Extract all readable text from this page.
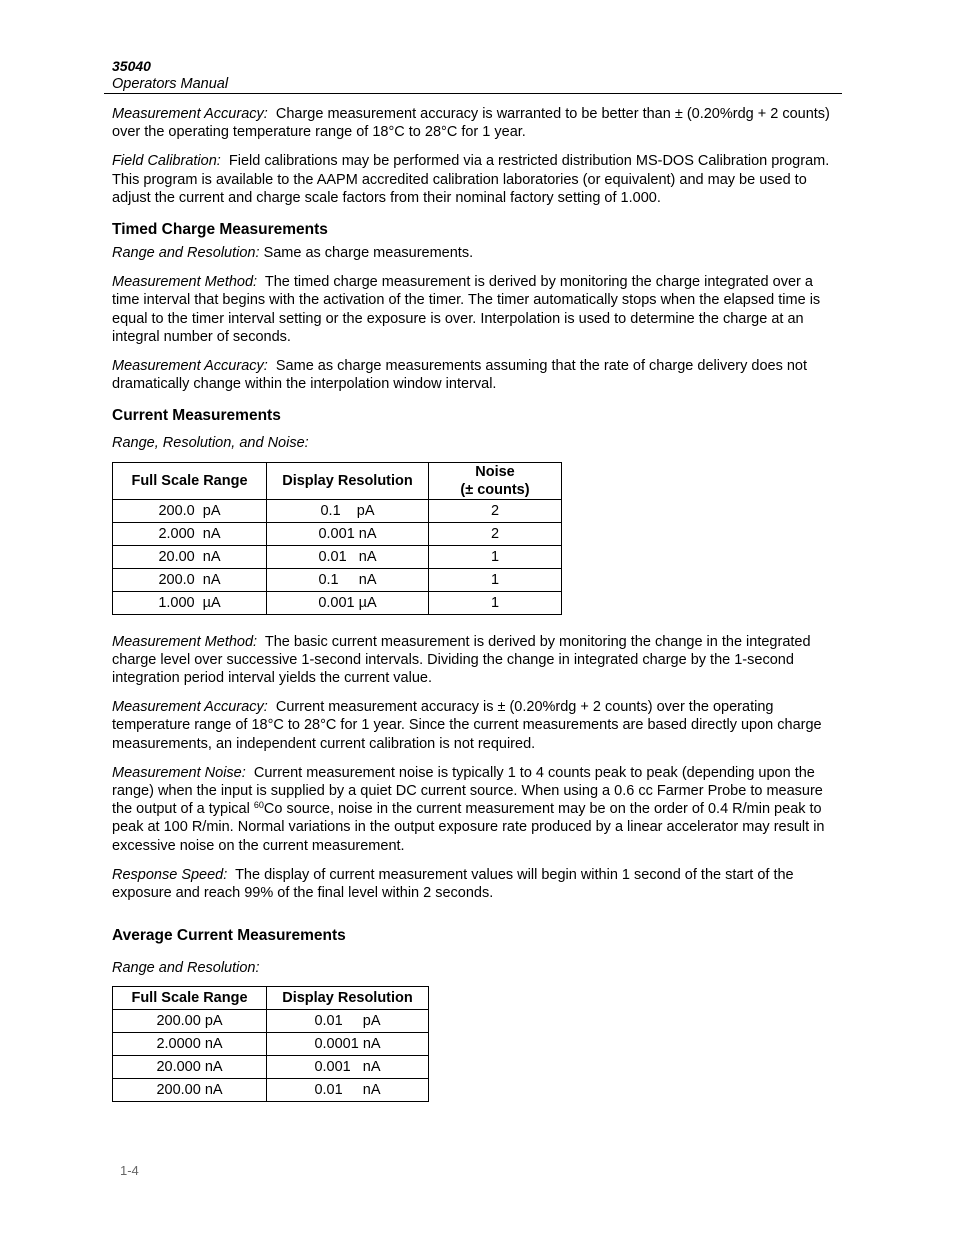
35040
Operators Manual

Measurement Accuracy: Charge measurement accuracy is warranted to be better than ± (0.20%rdg + 2 counts) over the operating temperature range of 18°C to 28°C for 1 year.

Field Calibration: Field calibrations may be performed via a restricted distribution MS-DOS Calibration program. This program is available to the AAPM accredited calibration laboratories (or equivalent) and may be used to adjust the current and charge scale factors from their nominal factory setting of 1.000.

Timed Charge Measurements

Range and Resolution: Same as charge measurements.

Measurement Method: The timed charge measurement is derived by monitoring the charge integrated over a time interval that begins with the activation of the timer. The timer automatically stops when the elapsed time is equal to the timer interval setting or the exposure is over. Interpolation is used to determine the charge at an integral number of seconds.

Measurement Accuracy: Same as charge measurements assuming that the rate of charge delivery does not dramatically change within the interpolation window interval.

Current Measurements
Range, Resolution, and Noise:
Full Scale Range	Display Resolution	Noise
(± counts)
200.0  pA	0.1    pA	2
2.000  nA	0.001 nA	2
20.00  nA	0.01   nA	1
200.0  nA	0.1     nA	1
1.000  µA	0.001 µA	1

Measurement Method: The basic current measurement is derived by monitoring the change in the integrated charge level over successive 1-second intervals. Dividing the change in integrated charge by the 1-second integration period interval yields the current value.

Measurement Accuracy: Current measurement accuracy is ± (0.20%rdg + 2 counts) over the operating temperature range of 18°C to 28°C for 1 year. Since the current measurements are based directly upon charge measurements, an independent current calibration is not required.

Measurement Noise: Current measurement noise is typically 1 to 4 counts peak to peak (depending upon the range) when the input is supplied by a quiet DC current source. When using a 0.6 cc Farmer Probe to measure the output of a typical $^{60}$Co source, noise in the current measurement may be on the order of 0.4 R/min peak to peak at 100 R/min. Normal variations in the output exposure rate produced by a linear accelerator may result in excessive noise on the current measurement.

Response Speed: The display of current measurement values will begin within 1 second of the start of the exposure and reach 99% of the final level within 2 seconds.

Average Current Measurements
Range and Resolution:
Full Scale Range	Display Resolution
200.00 pA	0.01     pA
2.0000 nA	0.0001 nA
20.000 nA	0.001   nA
200.00 nA	0.01     nA
1-4
